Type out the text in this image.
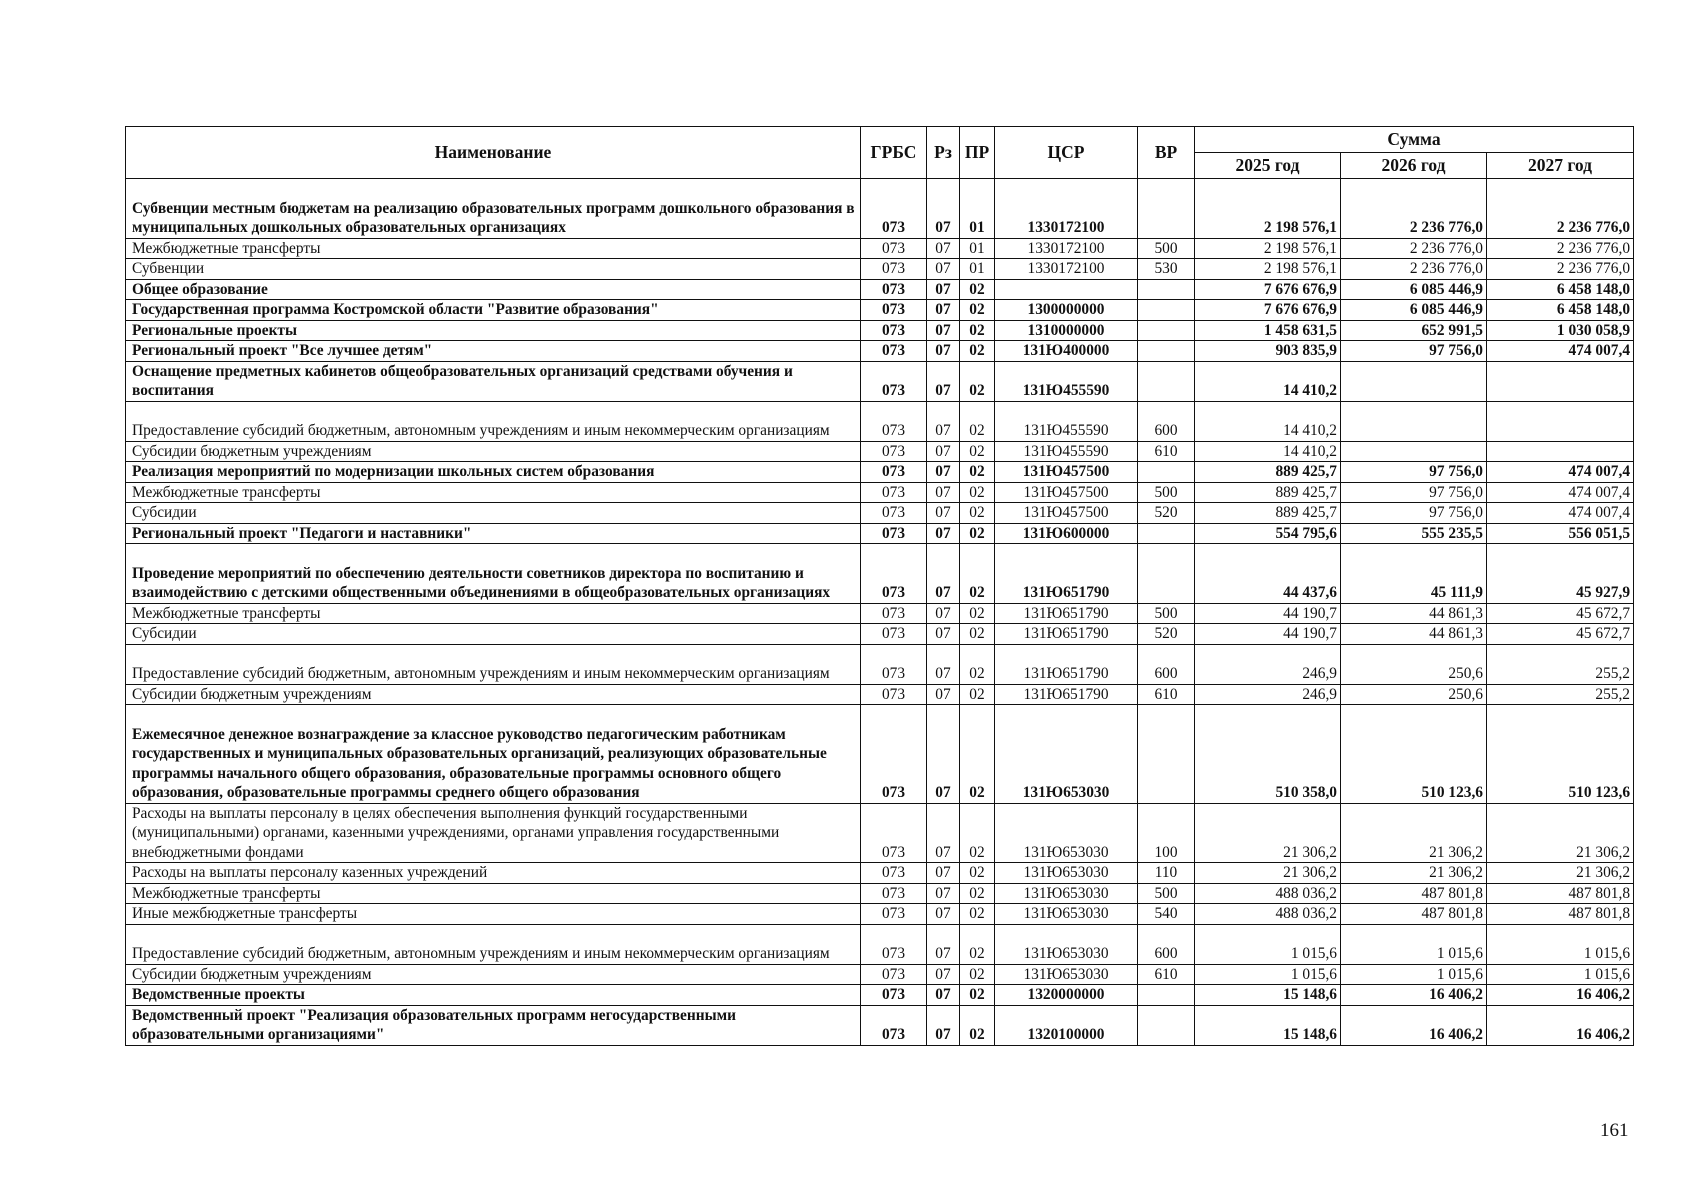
Наименование	ГРБС	Рз	ПР	ЦСР	ВР	Сумма		
						2025 год	2026 год	2027 год
Субвенции местным бюджетам на реализацию образовательных программ дошкольного образования в муниципальных дошкольных образовательных организациях	073	07	01	1330172100		2 198 576,1	2 236 776,0	2 236 776,0
Межбюджетные трансферты	073	07	01	1330172100	500	2 198 576,1	2 236 776,0	2 236 776,0
Субвенции	073	07	01	1330172100	530	2 198 576,1	2 236 776,0	2 236 776,0
Общее образование	073	07	02			7 676 676,9	6 085 446,9	6 458 148,0
Государственная программа Костромской области "Развитие образования"	073	07	02	1300000000		7 676 676,9	6 085 446,9	6 458 148,0
Региональные проекты	073	07	02	1310000000		1 458 631,5	652 991,5	1 030 058,9
Региональный проект "Все лучшее детям"	073	07	02	131Ю400000		903 835,9	97 756,0	474 007,4
Оснащение предметных кабинетов общеобразовательных организаций средствами обучения и воспитания	073	07	02	131Ю455590		14 410,2		
Предоставление субсидий бюджетным, автономным учреждениям и иным некоммерческим организациям	073	07	02	131Ю455590	600	14 410,2		
Субсидии бюджетным учреждениям	073	07	02	131Ю455590	610	14 410,2		
Реализация мероприятий по модернизации школьных систем образования	073	07	02	131Ю457500		889 425,7	97 756,0	474 007,4
Межбюджетные трансферты	073	07	02	131Ю457500	500	889 425,7	97 756,0	474 007,4
Субсидии	073	07	02	131Ю457500	520	889 425,7	97 756,0	474 007,4
Региональный проект "Педагоги и наставники"	073	07	02	131Ю600000		554 795,6	555 235,5	556 051,5
Проведение мероприятий по обеспечению деятельности советников директора по воспитанию и взаимодействию с детскими общественными объединениями в общеобразовательных организациях	073	07	02	131Ю651790		44 437,6	45 111,9	45 927,9
Межбюджетные трансферты	073	07	02	131Ю651790	500	44 190,7	44 861,3	45 672,7
Субсидии	073	07	02	131Ю651790	520	44 190,7	44 861,3	45 672,7
Предоставление субсидий бюджетным, автономным учреждениям и иным некоммерческим организациям	073	07	02	131Ю651790	600	246,9	250,6	255,2
Субсидии бюджетным учреждениям	073	07	02	131Ю651790	610	246,9	250,6	255,2
Ежемесячное денежное вознаграждение за классное руководство педагогическим работникам государственных и муниципальных образовательных организаций, реализующих образовательные программы начального общего образования, образовательные программы основного общего образования, образовательные программы среднего общего образования	073	07	02	131Ю653030		510 358,0	510 123,6	510 123,6
Расходы на выплаты персоналу в целях обеспечения выполнения функций государственными (муниципальными) органами, казенными учреждениями, органами управления государственными внебюджетными фондами	073	07	02	131Ю653030	100	21 306,2	21 306,2	21 306,2
Расходы на выплаты персоналу казенных учреждений	073	07	02	131Ю653030	110	21 306,2	21 306,2	21 306,2
Межбюджетные трансферты	073	07	02	131Ю653030	500	488 036,2	487 801,8	487 801,8
Иные межбюджетные трансферты	073	07	02	131Ю653030	540	488 036,2	487 801,8	487 801,8
Предоставление субсидий бюджетным, автономным учреждениям и иным некоммерческим организациям	073	07	02	131Ю653030	600	1 015,6	1 015,6	1 015,6
Субсидии бюджетным учреждениям	073	07	02	131Ю653030	610	1 015,6	1 015,6	1 015,6
Ведомственные проекты	073	07	02	1320000000		15 148,6	16 406,2	16 406,2
Ведомственный проект "Реализация образовательных программ негосударственными образовательными организациями"	073	07	02	1320100000		15 148,6	16 406,2	16 406,2
161
